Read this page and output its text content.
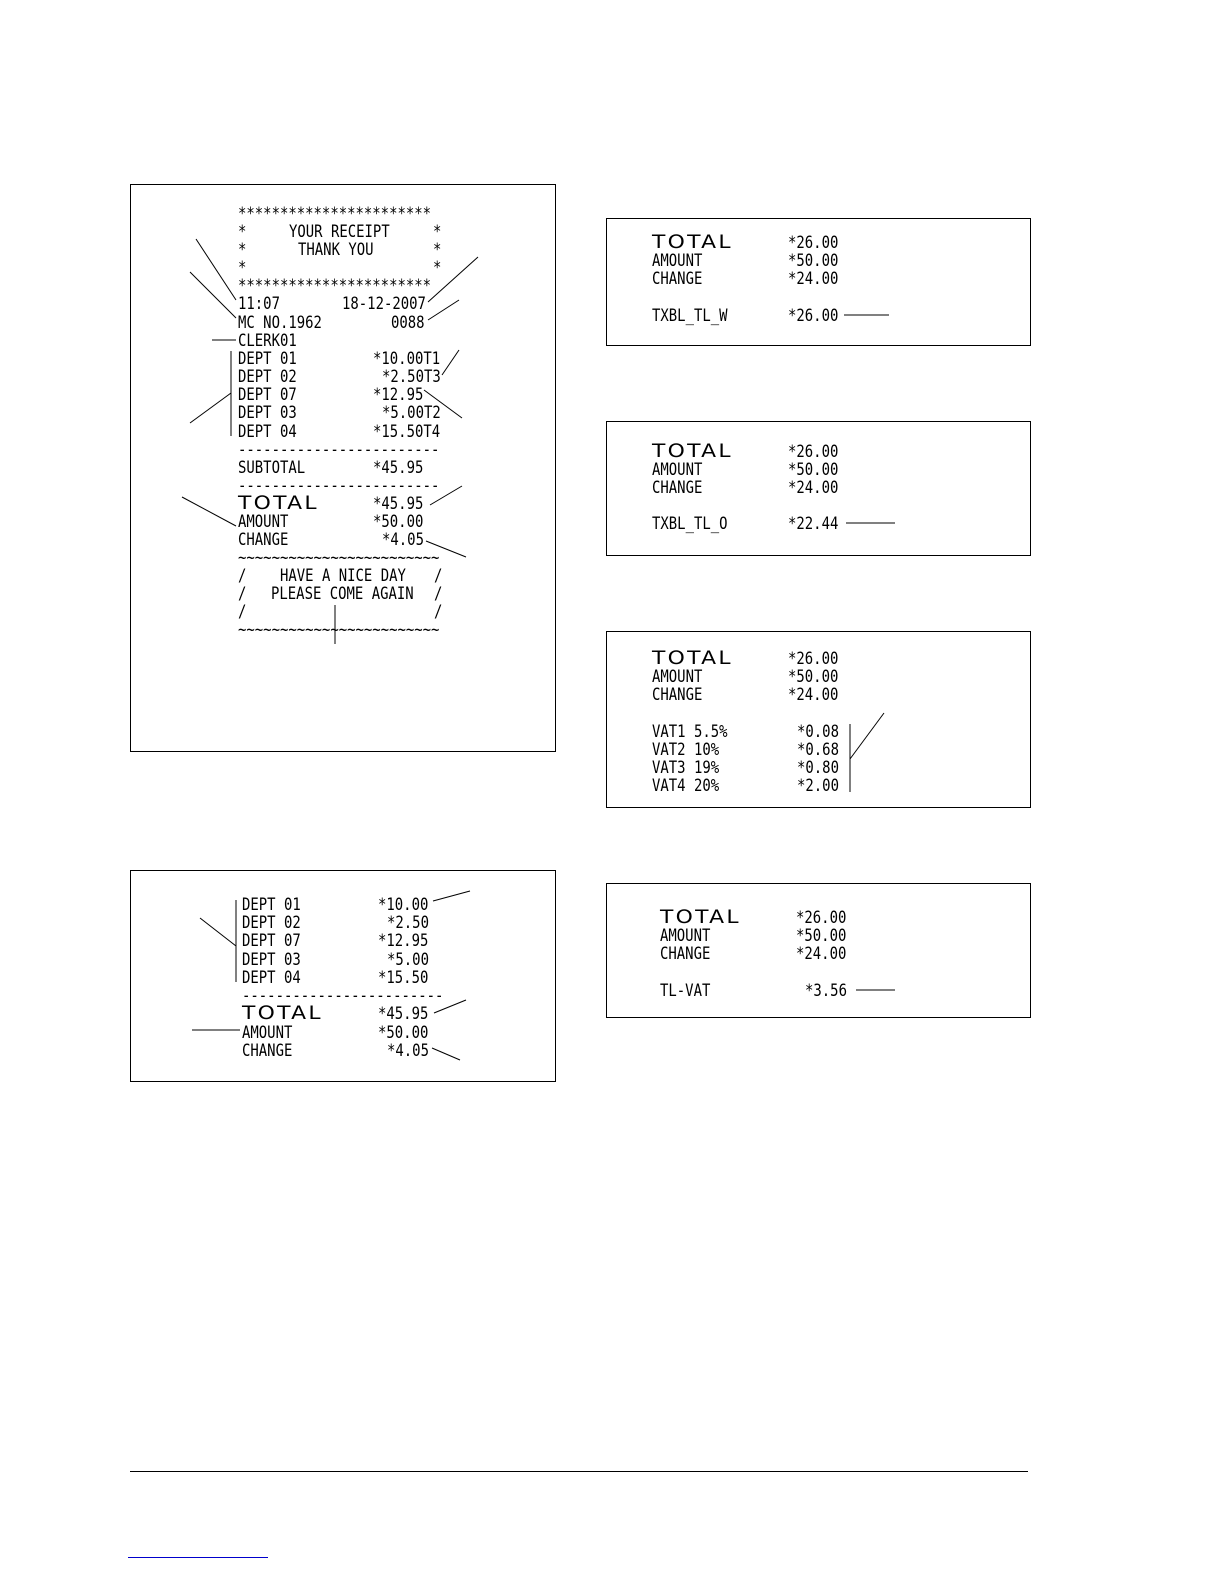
***********************
*	YOUR RECEIPT	*
*	THANK YOU	*
*	*
***********************
11:07	18-12-2007
MC NO.1962	0088
CLERK01
DEPT 01	*10.00T1
DEPT 02	*2.50T3
DEPT 07	*12.95
DEPT 03	*5.00T2
DEPT 04	*15.50T4
------------------------
SUBTOTAL	*45.95
------------------------
TOTAL	*45.95
AMOUNT	*50.00
CHANGE	*4.05
~~~~~~~~~~~~~~~~~~~~~~~~
/ HAVE A NICE DAY /
/ PLEASE COME AGAIN /
/	/
~~~~~~~~~~~~~~~~~~~~~~~~
DEPT 01	*10.00
DEPT 02	*2.50
DEPT 07	*12.95
DEPT 03	*5.00
DEPT 04	*15.50
------------------------
TOTAL	*45.95
AMOUNT	*50.00
CHANGE	*4.05
TOTAL	*26.00
AMOUNT	*50.00
CHANGE	*24.00
TXBL_TL_W	*26.00
TOTAL	*26.00
AMOUNT	*50.00
CHANGE	*24.00
TXBL_TL_O	*22.44
TOTAL	*26.00
AMOUNT	*50.00
CHANGE	*24.00
VAT1 5.5%	*0.08
VAT2 10%	*0.68
VAT3 19%	*0.80
VAT4 20%	*2.00
TOTAL	*26.00
AMOUNT	*50.00
CHANGE	*24.00
TL-VAT	*3.56
